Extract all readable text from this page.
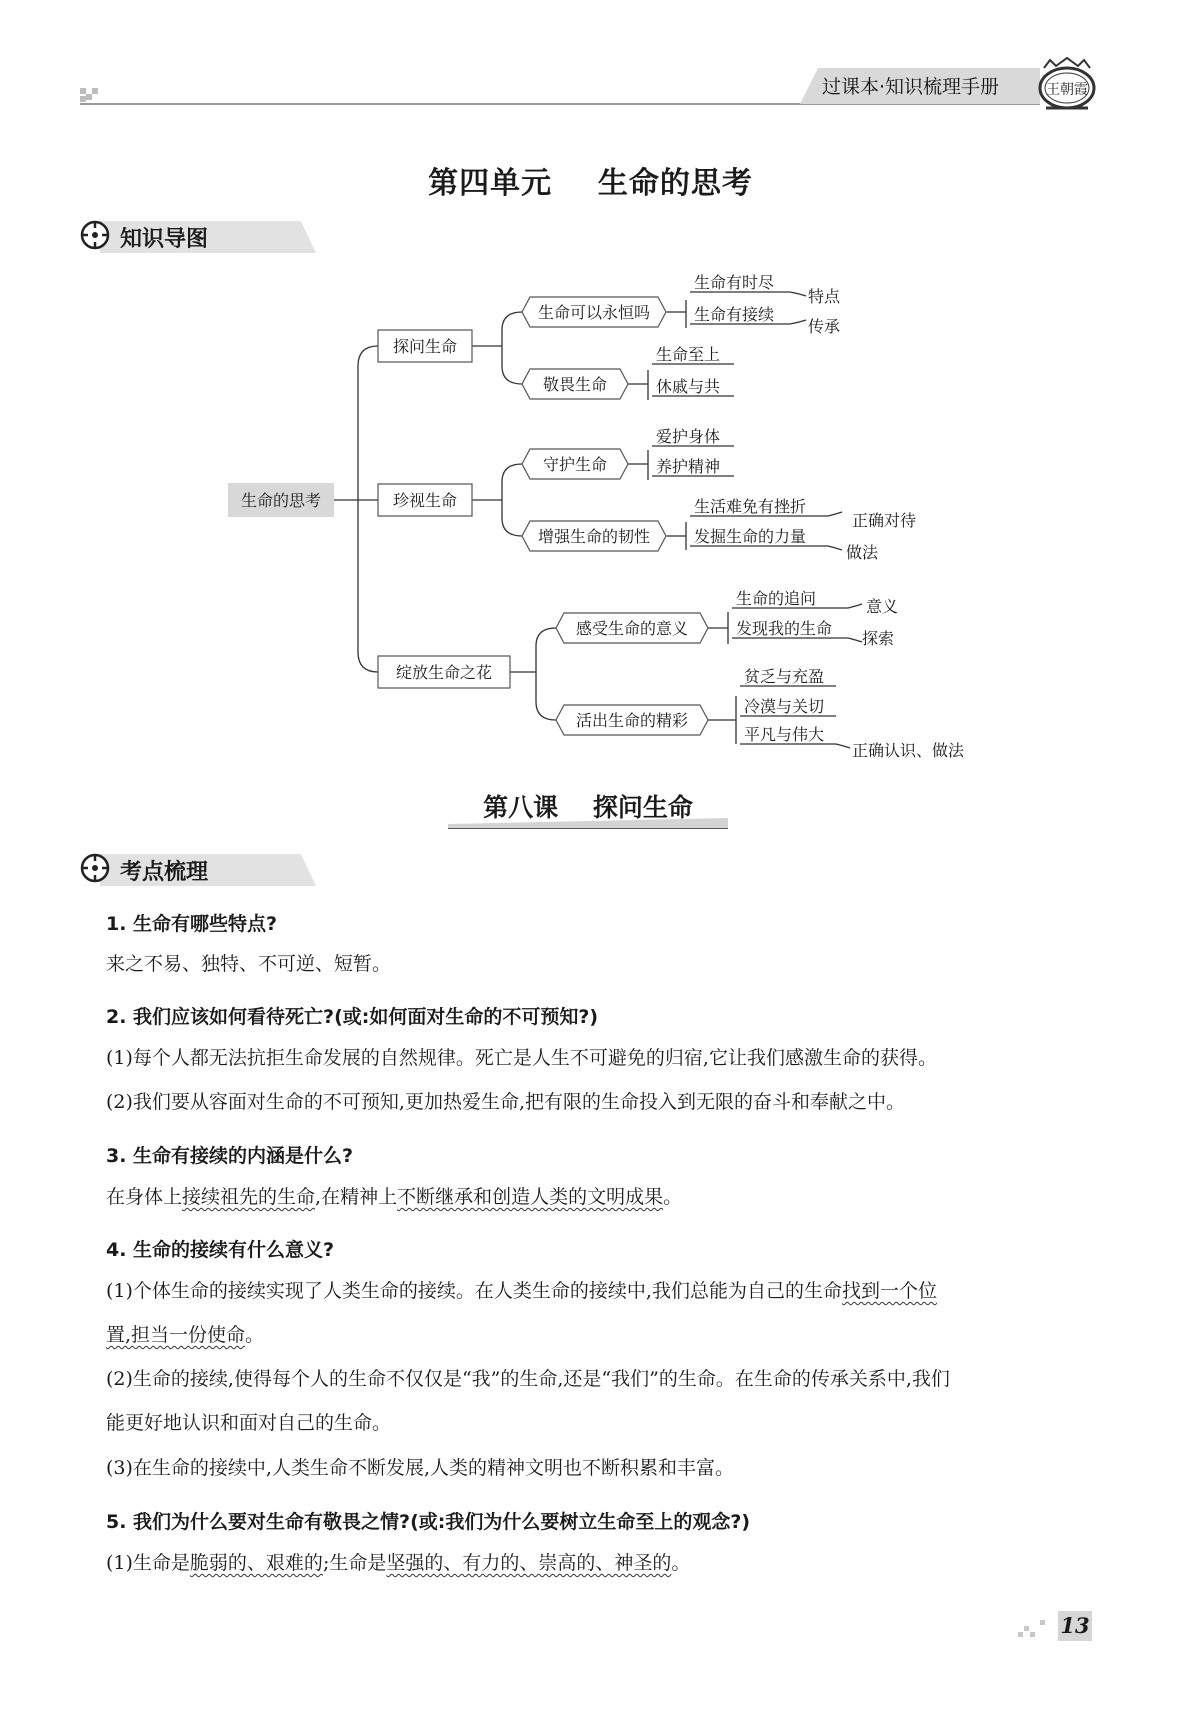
过课本·知识梳理手册	王朝霞
第四单元    生命的思考
知识导图
生命的思考
探问生命
珍视生命
绽放生命之花
生命可以永恒吗
敬畏生命
守护生命
增强生命的韧性
感受生命的意义
活出生命的精彩
生命有时尽
生命有接续
生命至上
休戚与共
爱护身体
养护精神
生活难免有挫折
发掘生命的力量
生命的追问
发现我的生命
贫乏与充盈
冷漠与关切
平凡与伟大
特点
传承
正确对待
做法
意义
探索
正确认识、做法
第八课    探问生命
考点梳理
1. 生命有哪些特点?
来之不易、独特、不可逆、短暂。
2. 我们应该如何看待死亡?(或:如何面对生命的不可预知?)
(1)每个人都无法抗拒生命发展的自然规律。死亡是人生不可避免的归宿,它让我们感激生命的获得。
(2)我们要从容面对生命的不可预知,更加热爱生命,把有限的生命投入到无限的奋斗和奉献之中。
3. 生命有接续的内涵是什么?
在身体上接续祖先的生命,在精神上不断继承和创造人类的文明成果。
4. 生命的接续有什么意义?
(1)个体生命的接续实现了人类生命的接续。在人类生命的接续中,我们总能为自己的生命找到一个位
置,担当一份使命。
(2)生命的接续,使得每个人的生命不仅仅是“我”的生命,还是“我们”的生命。在生命的传承关系中,我们
能更好地认识和面对自己的生命。
(3)在生命的接续中,人类生命不断发展,人类的精神文明也不断积累和丰富。
5. 我们为什么要对生命有敬畏之情?(或:我们为什么要树立生命至上的观念?)
(1)生命是脆弱的、艰难的;生命是坚强的、有力的、崇高的、神圣的。
13
